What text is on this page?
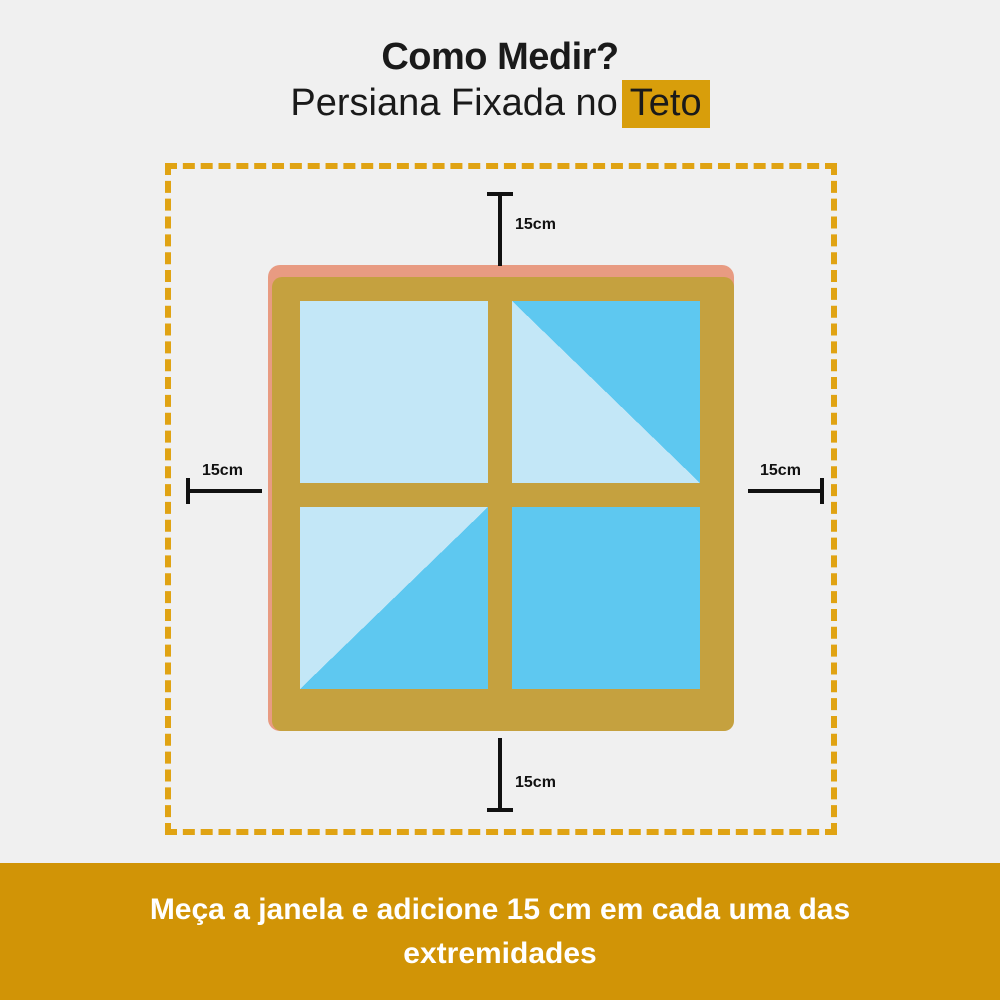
Como Medir?
Persiana Fixada no Teto
15cm
15cm
15cm	15cm
Meça a janela e adicione 15 cm em cada uma das extremidades
